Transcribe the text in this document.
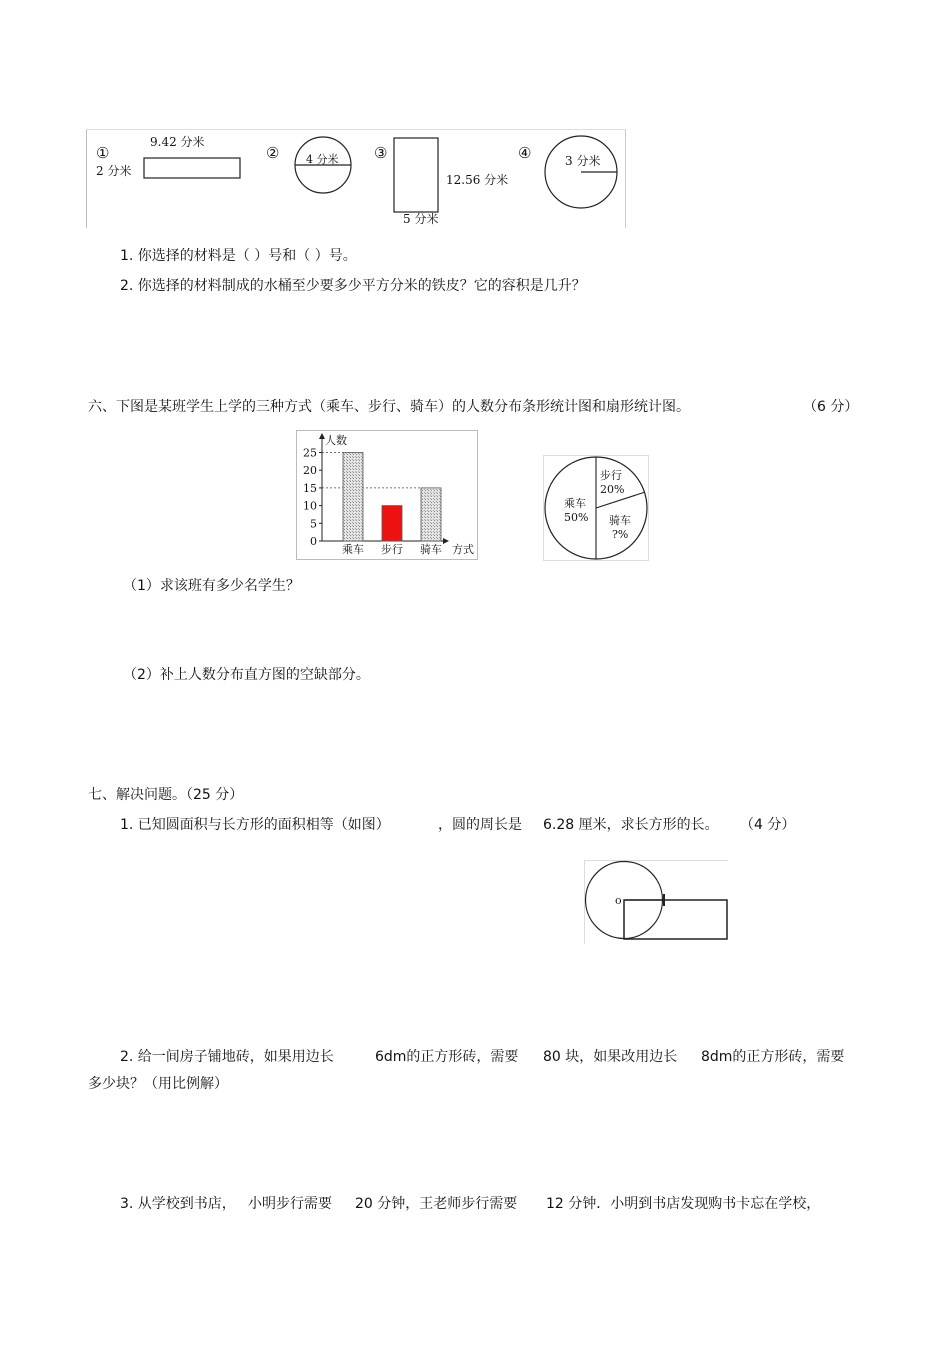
①
9.42 分米
2 分米
② 4 分米 ③
12.56 分米
5 分米
④	3 分米
1. 你选择的材料是（ ）号和（ ）号。
2. 你选择的材料制成的水桶至少要多少平方分米的铁皮？它的容积是几升？
六、下图是某班学生上学的三种方式（乘车、步行、骑车）的人数分布条形统计图和扇形统计图。	（6 分）
人数
方式
0
5
10
15
20
25
乘车 步行 骑车
步行
20%
乘车
50% 骑车
?%
（1）求该班有多少名学生？
（2）补上人数分布直方图的空缺部分。
七、解决问题。（25 分）
1. 已知圆面积与长方形的面积相等（如图）	，圆的周长是 6.28 厘米，求长方形的长。 （4 分）
o
2. 给一间房子铺地砖，如果用边长	6dm的正方形砖，需要 80 块，如果改用边长 8dm的正方形砖，需要
多少块？（用比例解）
3. 从学校到书店， 小明步行需要 20 分钟，王老师步行需要 12 分钟．小明到书店发现购书卡忘在学校，
